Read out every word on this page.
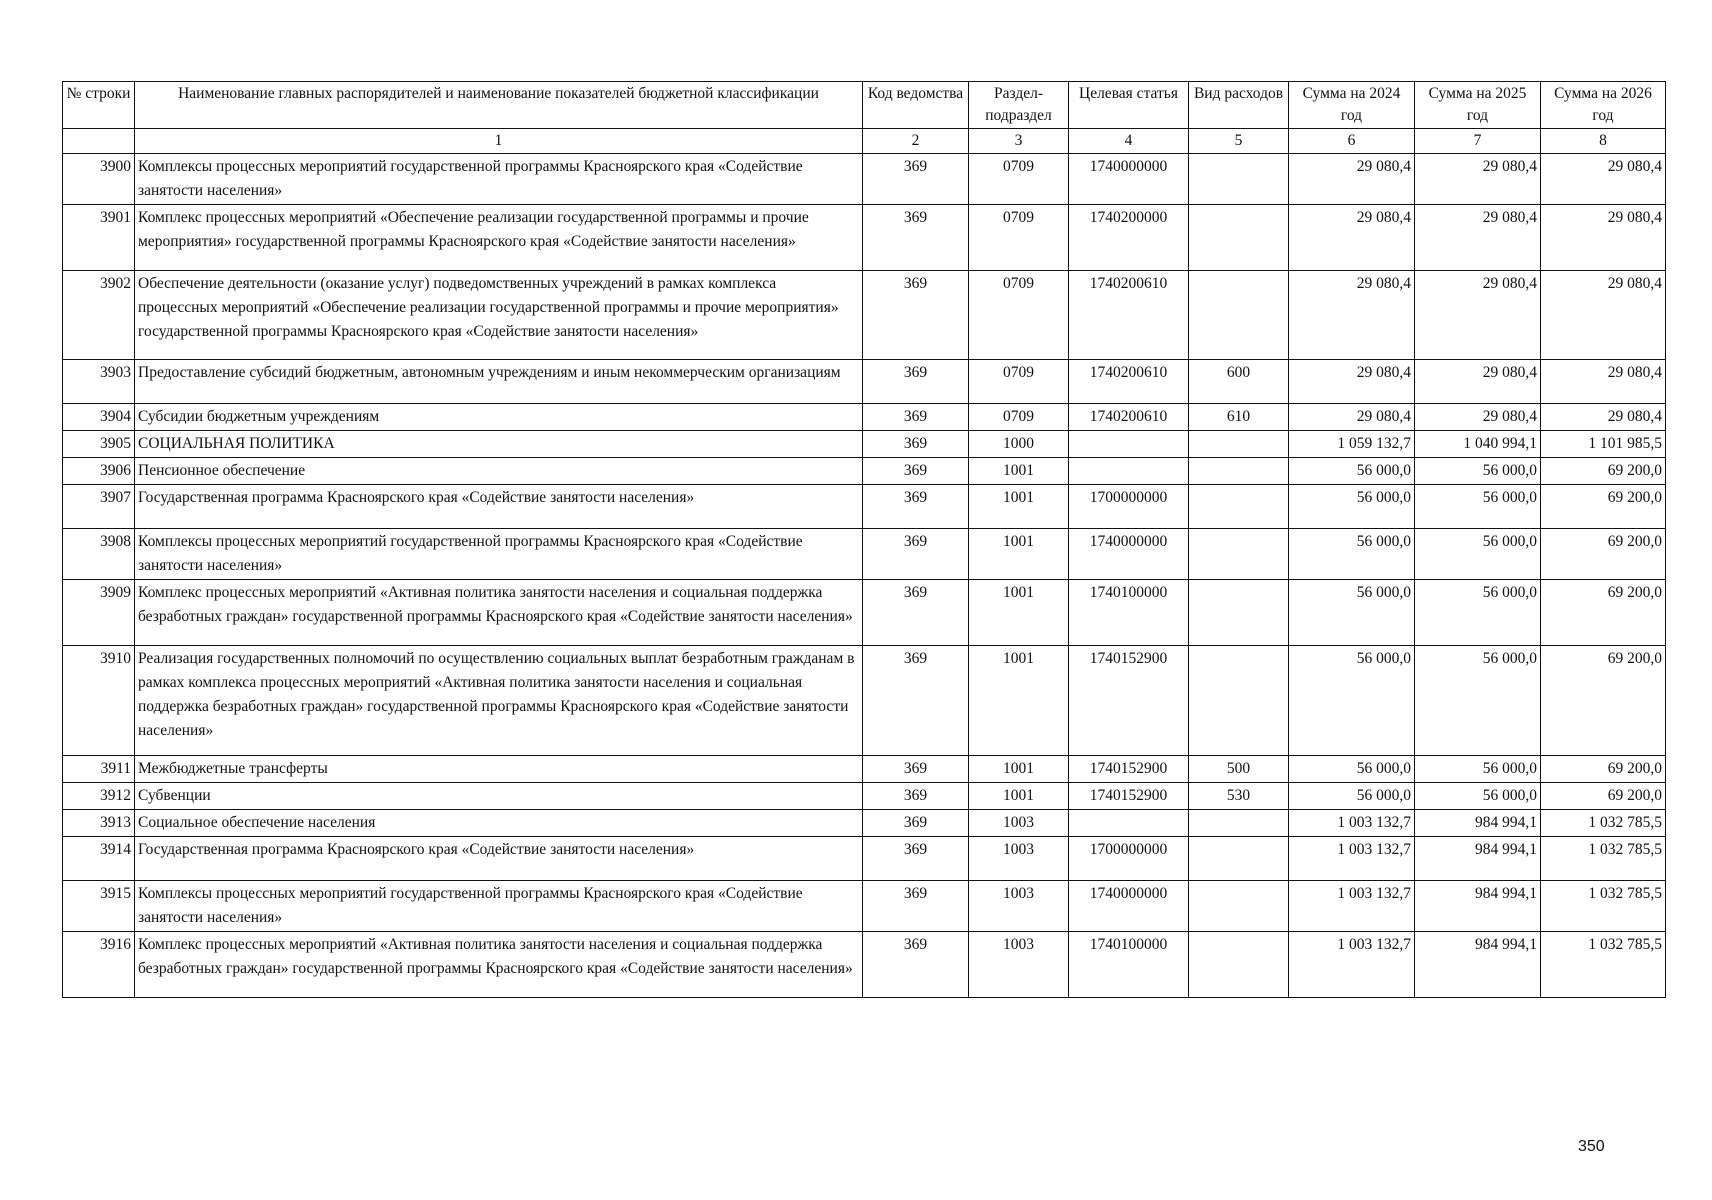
№ строки	Наименование главных распорядителей и наименование показателей бюджетной классификации	Код ведомства	Раздел-подраздел	Целевая статья	Вид расходов	Сумма на 2024 год	Сумма на 2025 год	Сумма на 2026 год
	1	2	3	4	5	6	7	8
3900	Комплексы процессных мероприятий государственной программы Красноярского края «Содействие занятости населения»	369	0709	1740000000		29 080,4	29 080,4	29 080,4
3901	Комплекс процессных мероприятий «Обеспечение реализации государственной программы и прочие мероприятия» государственной программы Красноярского края «Содействие занятости населения»	369	0709	1740200000		29 080,4	29 080,4	29 080,4
3902	Обеспечение деятельности (оказание услуг) подведомственных учреждений в рамках комплекса процессных мероприятий «Обеспечение реализации государственной программы и прочие мероприятия» государственной программы Красноярского края «Содействие занятости населения»	369	0709	1740200610		29 080,4	29 080,4	29 080,4
3903	Предоставление субсидий бюджетным, автономным учреждениям и иным некоммерческим организациям	369	0709	1740200610	600	29 080,4	29 080,4	29 080,4
3904	Субсидии бюджетным учреждениям	369	0709	1740200610	610	29 080,4	29 080,4	29 080,4
3905	СОЦИАЛЬНАЯ ПОЛИТИКА	369	1000			1 059 132,7	1 040 994,1	1 101 985,5
3906	Пенсионное обеспечение	369	1001			56 000,0	56 000,0	69 200,0
3907	Государственная программа Красноярского края «Содействие занятости населения»	369	1001	1700000000		56 000,0	56 000,0	69 200,0
3908	Комплексы процессных мероприятий государственной программы Красноярского края «Содействие занятости населения»	369	1001	1740000000		56 000,0	56 000,0	69 200,0
3909	Комплекс процессных мероприятий «Активная политика занятости населения и социальная поддержка безработных граждан» государственной программы Красноярского края «Содействие занятости населения»	369	1001	1740100000		56 000,0	56 000,0	69 200,0
3910	Реализация государственных полномочий по осуществлению социальных выплат безработным гражданам в рамках комплекса процессных мероприятий «Активная политика занятости населения и социальная поддержка безработных граждан» государственной программы Красноярского края «Содействие занятости населения»	369	1001	1740152900		56 000,0	56 000,0	69 200,0
3911	Межбюджетные трансферты	369	1001	1740152900	500	56 000,0	56 000,0	69 200,0
3912	Субвенции	369	1001	1740152900	530	56 000,0	56 000,0	69 200,0
3913	Социальное обеспечение населения	369	1003			1 003 132,7	984 994,1	1 032 785,5
3914	Государственная программа Красноярского края «Содействие занятости населения»	369	1003	1700000000		1 003 132,7	984 994,1	1 032 785,5
3915	Комплексы процессных мероприятий государственной программы Красноярского края «Содействие занятости населения»	369	1003	1740000000		1 003 132,7	984 994,1	1 032 785,5
3916	Комплекс процессных мероприятий «Активная политика занятости населения и социальная поддержка безработных граждан» государственной программы Красноярского края «Содействие занятости населения»	369	1003	1740100000		1 003 132,7	984 994,1	1 032 785,5
350
